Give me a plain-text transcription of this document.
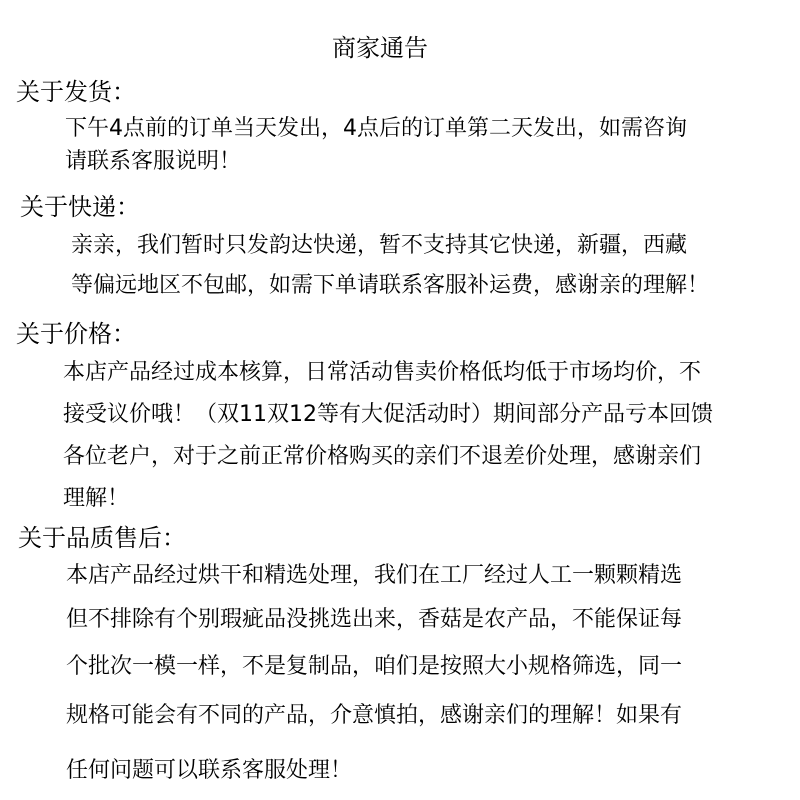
商家通告
关于发货：
下午4点前的订单当天发出，4点后的订单第二天发出，如需咨询
请联系客服说明！
关于快递：
亲亲，我们暂时只发韵达快递，暂不支持其它快递，新疆，西藏
等偏远地区不包邮，如需下单请联系客服补运费，感谢亲的理解！
关于价格：
本店产品经过成本核算，日常活动售卖价格低均低于市场均价，不
接受议价哦！（双11双12等有大促活动时）期间部分产品亏本回馈
各位老户，对于之前正常价格购买的亲们不退差价处理，感谢亲们
理解！
关于品质售后：
本店产品经过烘干和精选处理，我们在工厂经过人工一颗颗精选
但不排除有个别瑕疵品没挑选出来，香菇是农产品，不能保证每
个批次一模一样，不是复制品，咱们是按照大小规格筛选，同一
规格可能会有不同的产品，介意慎拍，感谢亲们的理解！如果有
任何问题可以联系客服处理！
